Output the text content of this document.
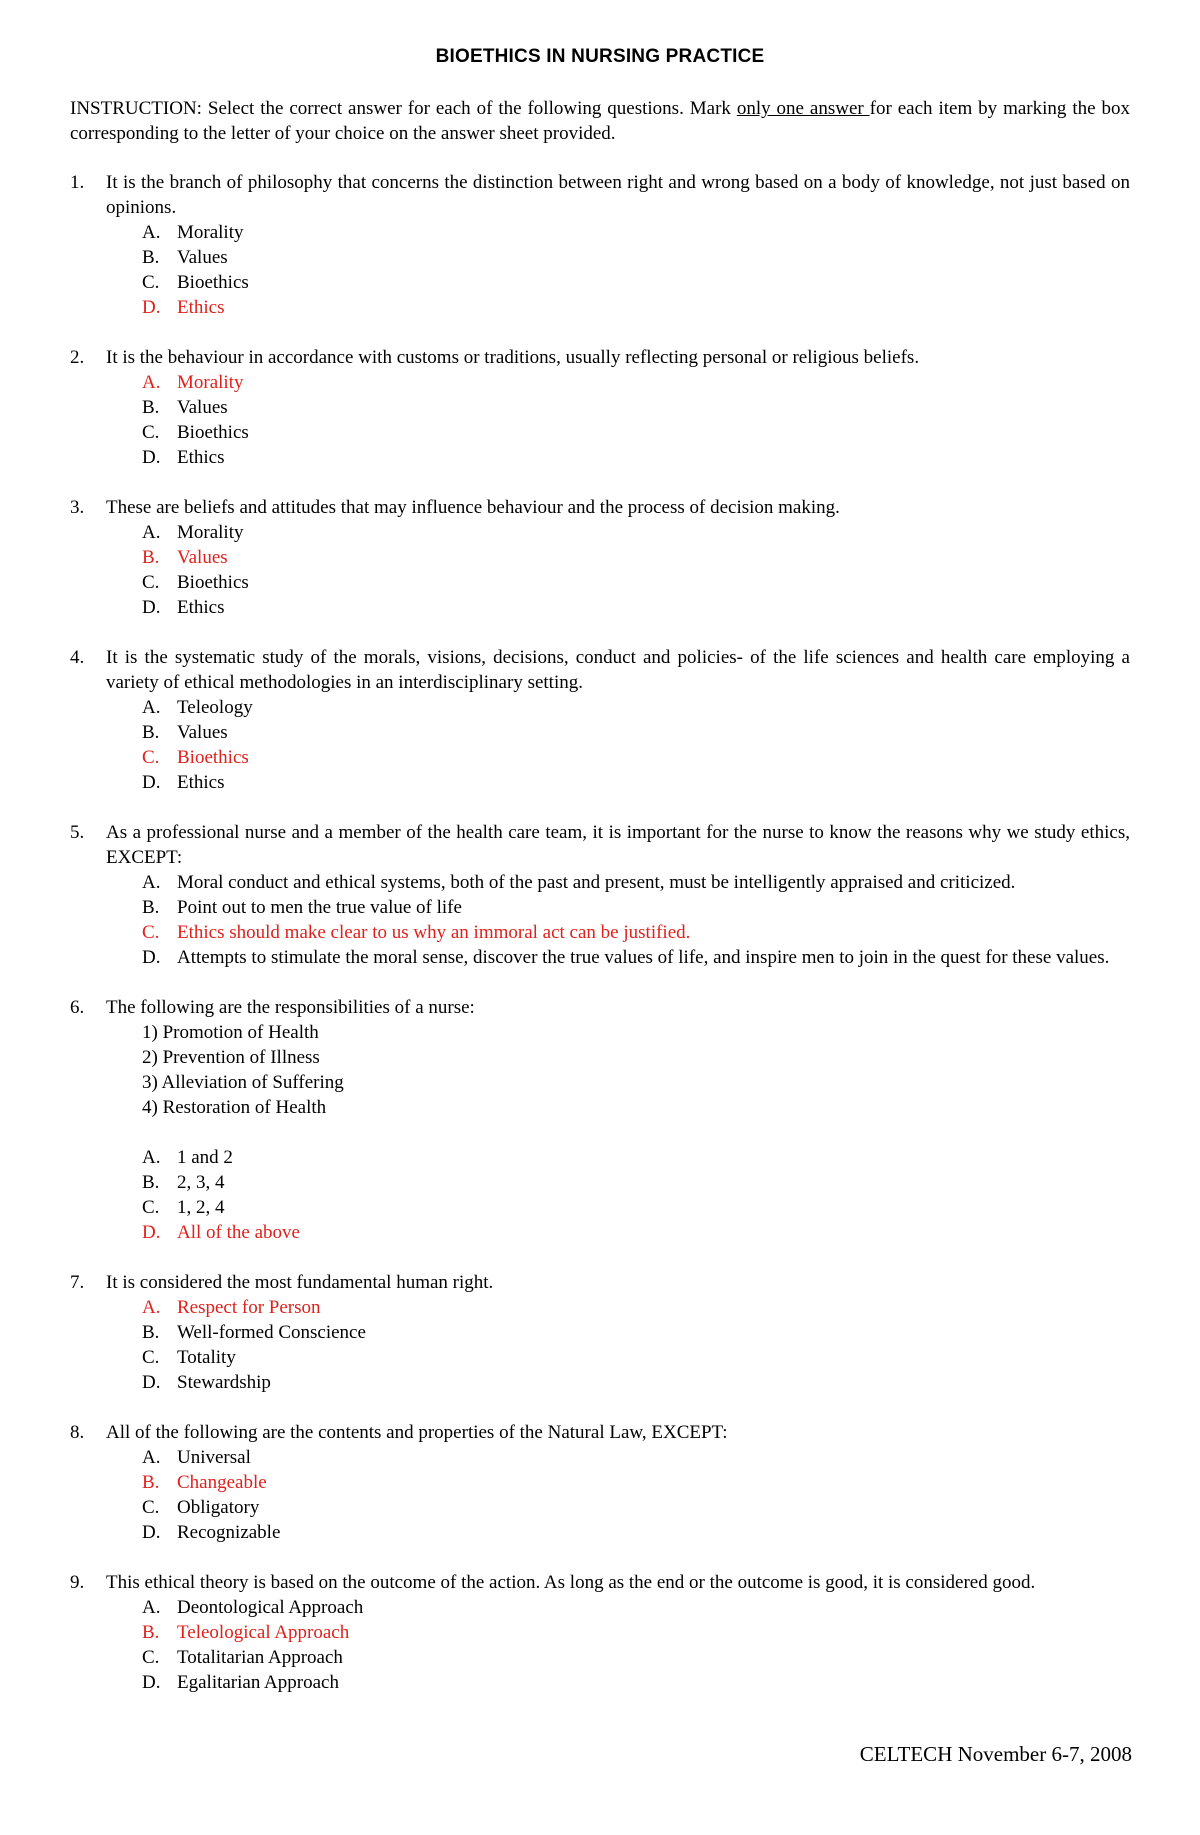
BIOETHICS IN NURSING PRACTICE
INSTRUCTION: Select the correct answer for each of the following questions. Mark only one answer for each item by marking the box corresponding to the letter of your choice on the answer sheet provided.
1. It is the branch of philosophy that concerns the distinction between right and wrong based on a body of knowledge, not just based on opinions.
A. Morality
B. Values
C. Bioethics
D. Ethics
2. It is the behaviour in accordance with customs or traditions, usually reflecting personal or religious beliefs.
A. Morality
B. Values
C. Bioethics
D. Ethics
3. These are beliefs and attitudes that may influence behaviour and the process of decision making.
A. Morality
B. Values
C. Bioethics
D. Ethics
4. It is the systematic study of the morals, visions, decisions, conduct and policies- of the life sciences and health care employing a variety of ethical methodologies in an interdisciplinary setting.
A. Teleology
B. Values
C. Bioethics
D. Ethics
5. As a professional nurse and a member of the health care team, it is important for the nurse to know the reasons why we study ethics, EXCEPT:
A. Moral conduct and ethical systems, both of the past and present, must be intelligently appraised and criticized.
B. Point out to men the true value of life
C. Ethics should make clear to us why an immoral act can be justified.
D. Attempts to stimulate the moral sense, discover the true values of life, and inspire men to join in the quest for these values.
6. The following are the responsibilities of a nurse:
1) Promotion of Health
2) Prevention of Illness
3) Alleviation of Suffering
4) Restoration of Health
A. 1 and 2
B. 2, 3, 4
C. 1, 2, 4
D. All of the above
7. It is considered the most fundamental human right.
A. Respect for Person
B. Well-formed Conscience
C. Totality
D. Stewardship
8. All of the following are the contents and properties of the Natural Law, EXCEPT:
A. Universal
B. Changeable
C. Obligatory
D. Recognizable
9. This ethical theory is based on the outcome of the action. As long as the end or the outcome is good, it is considered good.
A. Deontological Approach
B. Teleological Approach
C. Totalitarian Approach
D. Egalitarian Approach
CELTECH November 6-7, 2008
